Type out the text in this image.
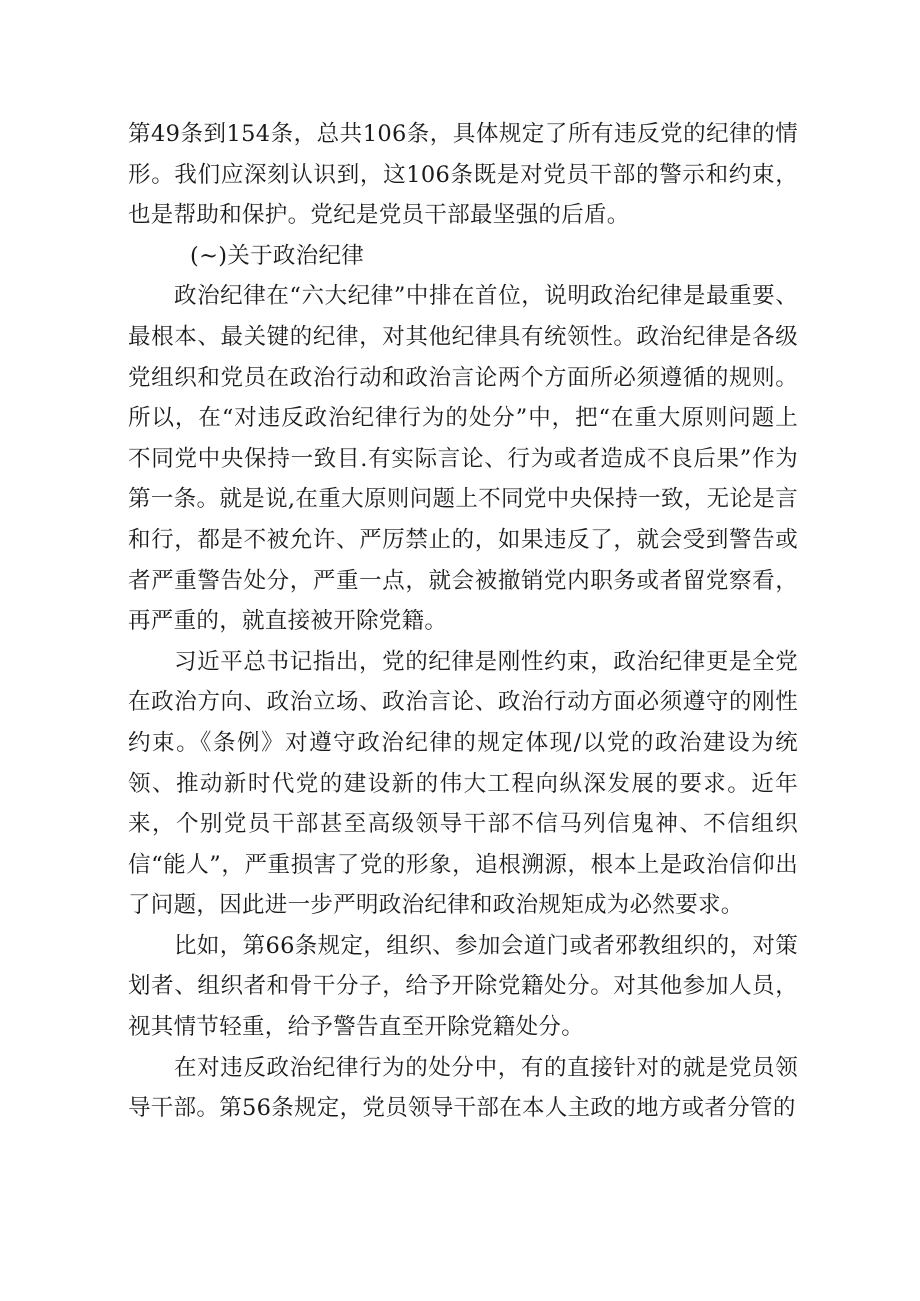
第49条到154条，总共106条，具体规定了所有违反党的纪律的情形。我们应深刻认识到，这106条既是对党员干部的警示和约束，也是帮助和保护。党纪是党员干部最坚强的后盾。

(~)关于政治纪律

政治纪律在“六大纪律”中排在首位，说明政治纪律是最重要、最根本、最关键的纪律，对其他纪律具有统领性。政治纪律是各级党组织和党员在政治行动和政治言论两个方面所必须遵循的规则。所以，在“对违反政治纪律行为的处分”中，把“在重大原则问题上不同党中央保持一致目.有实际言论、行为或者造成不良后果”作为第一条。就是说,在重大原则问题上不同党中央保持一致，无论是言和行，都是不被允许、严厉禁止的，如果违反了，就会受到警告或者严重警告处分，严重一点，就会被撤销党内职务或者留党察看，再严重的，就直接被开除党籍。

习近平总书记指出，党的纪律是刚性约束，政治纪律更是全党在政治方向、政治立场、政治言论、政治行动方面必须遵守的刚性约束。《条例》对遵守政治纪律的规定体现/以党的政治建设为统领、推动新时代党的建设新的伟大工程向纵深发展的要求。近年来，个别党员干部甚至高级领导干部不信马列信鬼神、不信组织信“能人”，严重损害了党的形象，追根溯源，根本上是政治信仰出了问题，因此进一步严明政治纪律和政治规矩成为必然要求。

比如，第66条规定，组织、参加会道门或者邪教组织的，对策划者、组织者和骨干分子，给予开除党籍处分。对其他参加人员，视其情节轻重，给予警告直至开除党籍处分。

在对违反政治纪律行为的处分中，有的直接针对的就是党员领导干部。第56条规定，党员领导干部在本人主政的地方或者分管的
